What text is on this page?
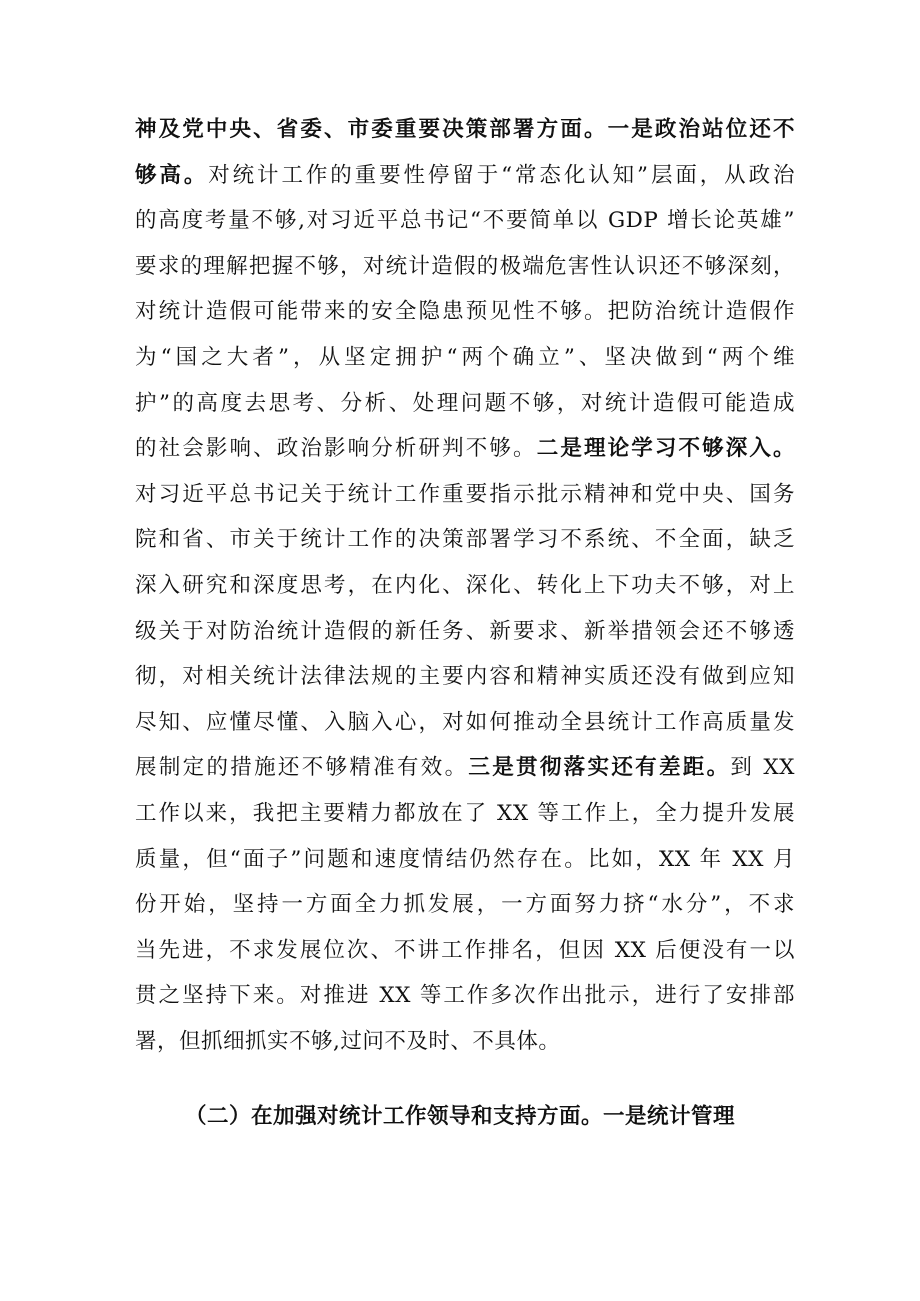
神及党中央、省委、市委重要决策部署方面。一是政治站位还不
够高。对统计工作的重要性停留于“常态化认知”层面，从政治
的高度考量不够,对习近平总书记“不要简单以 GDP 增长论英雄”
要求的理解把握不够，对统计造假的极端危害性认识还不够深刻，
对统计造假可能带来的安全隐患预见性不够。把防治统计造假作
为“国之大者”，从坚定拥护“两个确立”、坚决做到“两个维
护”的高度去思考、分析、处理问题不够，对统计造假可能造成
的社会影响、政治影响分析研判不够。二是理论学习不够深入。
对习近平总书记关于统计工作重要指示批示精神和党中央、国务
院和省、市关于统计工作的决策部署学习不系统、不全面，缺乏
深入研究和深度思考，在内化、深化、转化上下功夫不够，对上
级关于对防治统计造假的新任务、新要求、新举措领会还不够透
彻，对相关统计法律法规的主要内容和精神实质还没有做到应知
尽知、应懂尽懂、入脑入心，对如何推动全县统计工作高质量发
展制定的措施还不够精准有效。三是贯彻落实还有差距。到 XX
工作以来，我把主要精力都放在了 XX 等工作上，全力提升发展
质量，但“面子”问题和速度情结仍然存在。比如，XX 年 XX 月
份开始，坚持一方面全力抓发展，一方面努力挤“水分”，不求
当先进，不求发展位次、不讲工作排名，但因 XX 后便没有一以
贯之坚持下来。对推进 XX 等工作多次作出批示，进行了安排部
署，但抓细抓实不够,过问不及时、不具体。
（二）在加强对统计工作领导和支持方面。一是统计管理
